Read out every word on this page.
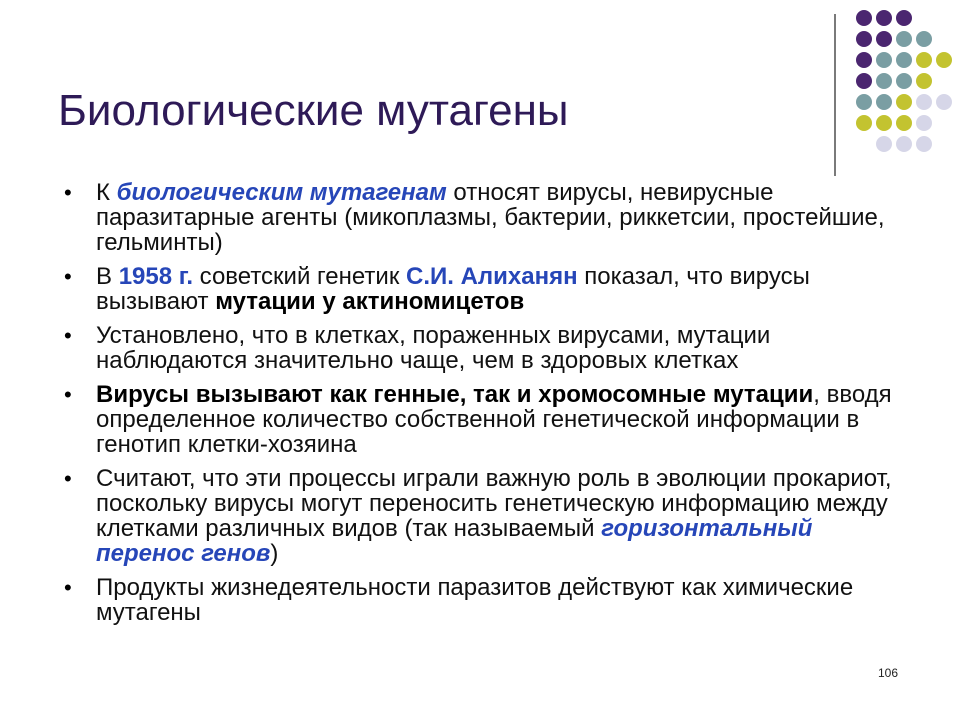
Биологические мутагены
• К биологическим мутагенам относят вирусы, невирусные паразитарные агенты (микоплазмы, бактерии, риккетсии, простейшие, гельминты)
• В 1958 г. советский генетик С.И. Алиханян показал, что вирусы вызывают мутации у актиномицетов
• Установлено, что в клетках, пораженных вирусами, мутации наблюдаются значительно чаще, чем в здоровых клетках
• Вирусы вызывают как генные, так и хромосомные мутации, вводя определенное количество собственной генетической информации в генотип клетки-хозяина
• Считают, что эти процессы играли важную роль в эволюции прокариот, поскольку вирусы могут переносить генетическую информацию между клетками различных видов (так называемый горизонтальный перенос генов)
• Продукты жизнедеятельности паразитов действуют как химические мутагены
106
